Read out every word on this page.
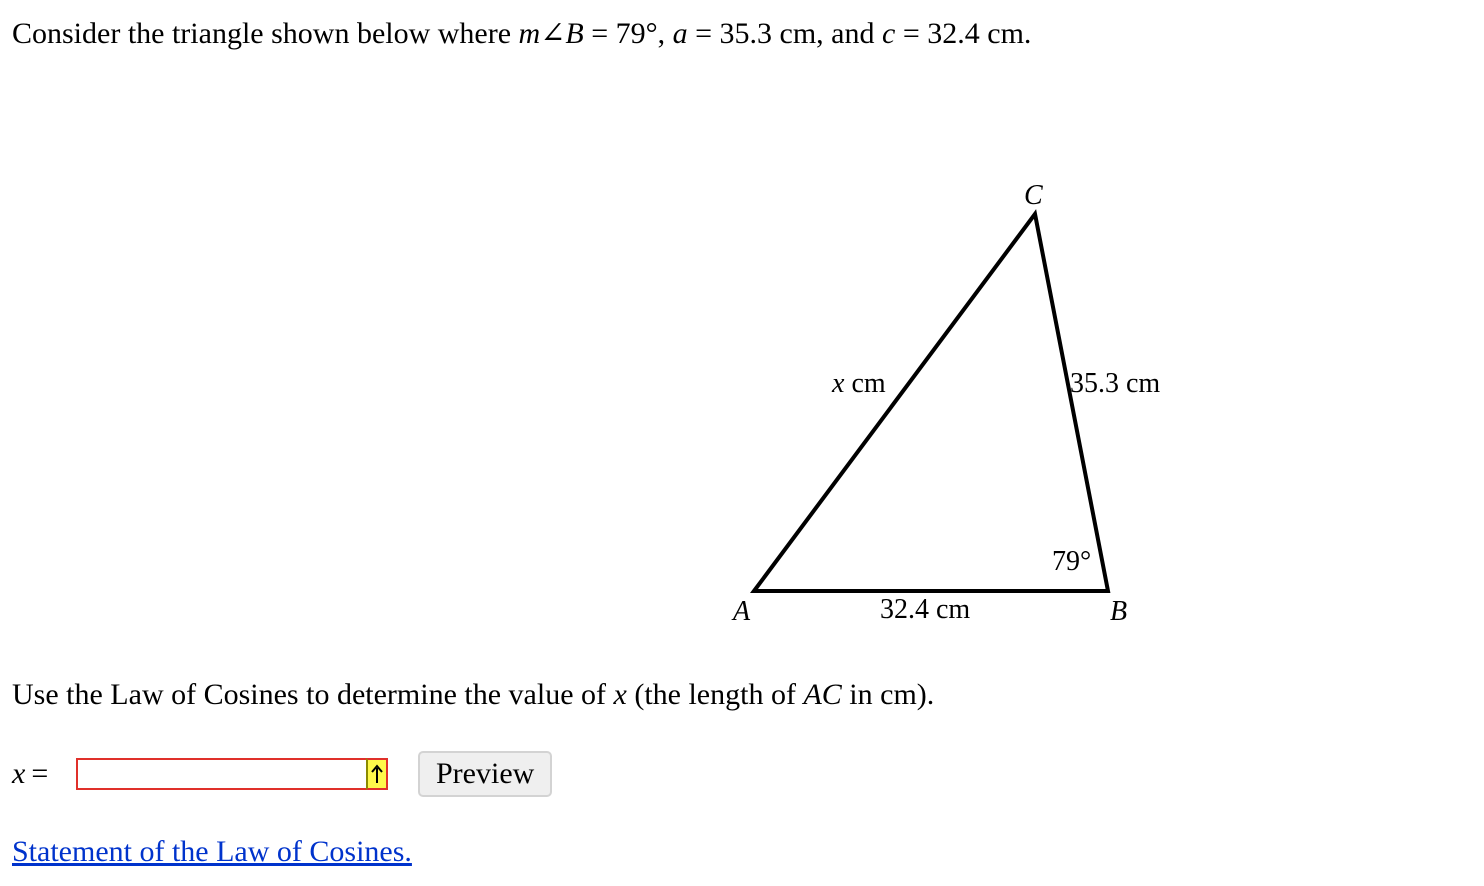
Consider the triangle shown below where m∠B = 79°, a = 35.3 cm, and c = 32.4 cm.
C
A	B
x cm	35.3 cm
32.4 cm
79°
Use the Law of Cosines to determine the value of x (the length of AC in cm).
x =	Preview
Statement of the Law of Cosines.
